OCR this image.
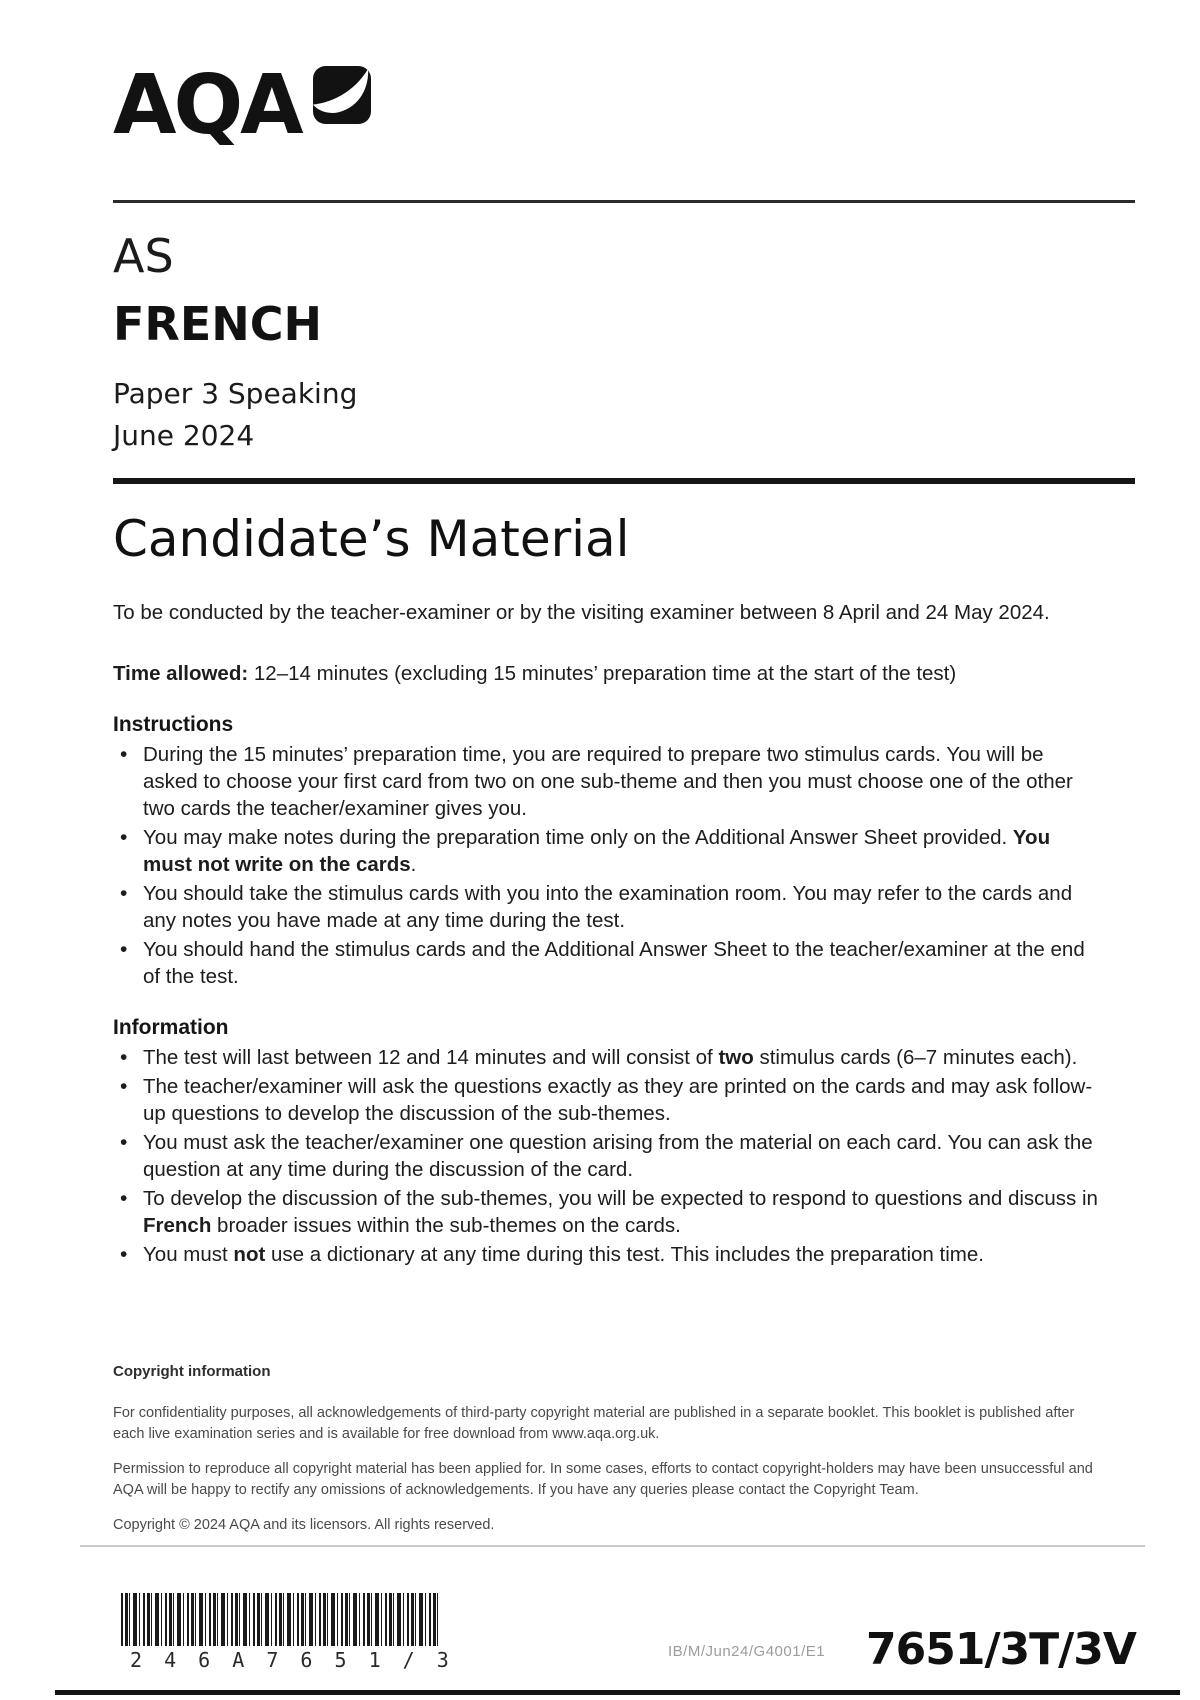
AQA
AS
FRENCH
Paper 3 Speaking
June 2024
Candidate’s Material

To be conducted by the teacher-examiner or by the visiting examiner between 8 April and 24 May 2024.

Time allowed: 12–14 minutes (excluding 15 minutes’ preparation time at the start of the test)

Instructions
• During the 15 minutes’ preparation time, you are required to prepare two stimulus cards. You will be asked to choose your first card from two on one sub-theme and then you must choose one of the other two cards the teacher/examiner gives you.
• You may make notes during the preparation time only on the Additional Answer Sheet provided. You must not write on the cards.
• You should take the stimulus cards with you into the examination room. You may refer to the cards and any notes you have made at any time during the test.
• You should hand the stimulus cards and the Additional Answer Sheet to the teacher/examiner at the end of the test.
Information
• The test will last between 12 and 14 minutes and will consist of two stimulus cards (6–7 minutes each).
• The teacher/examiner will ask the questions exactly as they are printed on the cards and may ask follow-up questions to develop the discussion of the sub-themes.
• You must ask the teacher/examiner one question arising from the material on each card. You can ask the question at any time during the discussion of the card.
• To develop the discussion of the sub-themes, you will be expected to respond to questions and discuss in French broader issues within the sub-themes on the cards.
• You must not use a dictionary at any time during this test. This includes the preparation time.
Copyright information

For confidentiality purposes, all acknowledgements of third-party copyright material are published in a separate booklet. This booklet is published after each live examination series and is available for free download from www.aqa.org.uk.

Permission to reproduce all copyright material has been applied for. In some cases, efforts to contact copyright-holders may have been unsuccessful and AQA will be happy to rectify any omissions of acknowledgements. If you have any queries please contact the Copyright Team.

Copyright © 2024 AQA and its licensors. All rights reserved.

2 4 6 A 7 6 5 1 / 3	IB/M/Jun24/G4001/E1 7651/3T/3V
